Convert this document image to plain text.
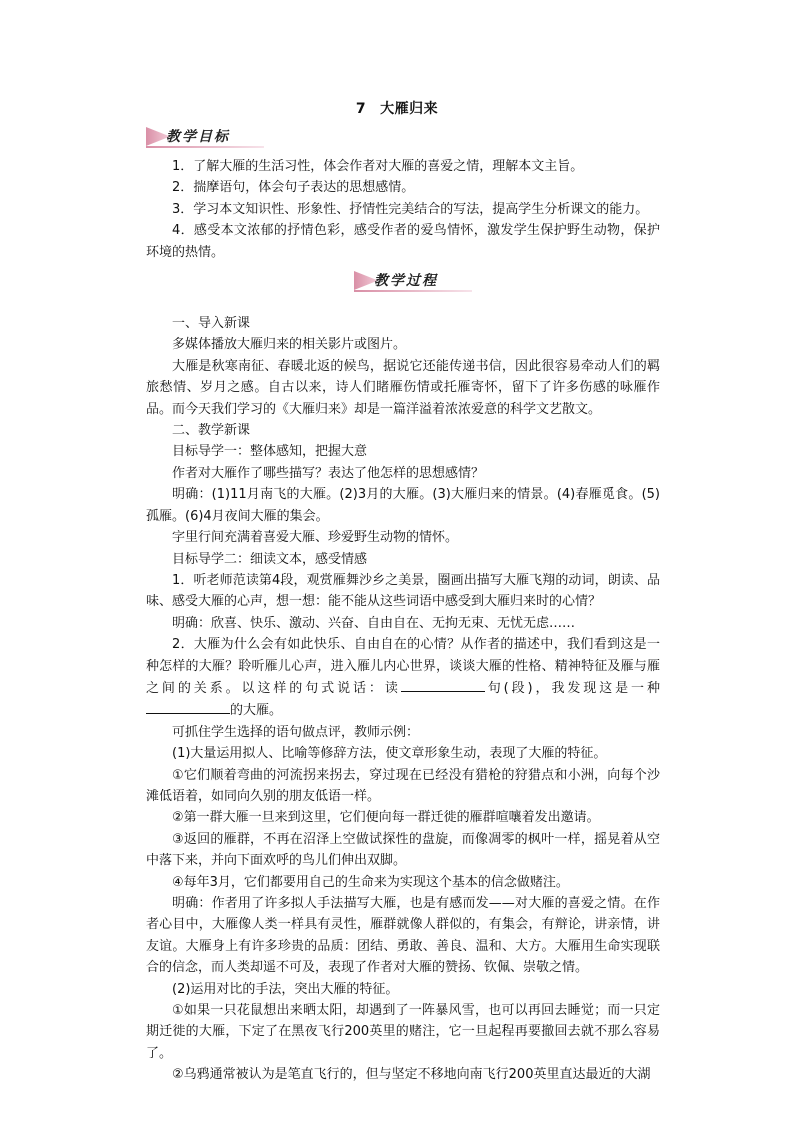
7 大雁归来
教学目标
教学过程

1．了解大雁的生活习性，体会作者对大雁的喜爱之情，理解本文主旨。

2．揣摩语句，体会句子表达的思想感情。

3．学习本文知识性、形象性、抒情性完美结合的写法，提高学生分析课文的能力。

4．感受本文浓郁的抒情色彩，感受作者的爱鸟情怀，激发学生保护野生动物，保护环境的热情。

一、导入新课

多媒体播放大雁归来的相关影片或图片。

大雁是秋寒南征、春暖北返的候鸟，据说它还能传递书信，因此很容易牵动人们的羁旅愁情、岁月之感。自古以来，诗人们睹雁伤情或托雁寄怀，留下了许多伤感的咏雁作品。而今天我们学习的《大雁归来》却是一篇洋溢着浓浓爱意的科学文艺散文。

二、教学新课

目标导学一：整体感知，把握大意

作者对大雁作了哪些描写？表达了他怎样的思想感情？

明确：(1)11月南飞的大雁。(2)3月的大雁。(3)大雁归来的情景。(4)春雁觅食。(5)孤雁。(6)4月夜间大雁的集会。

字里行间充满着喜爱大雁、珍爱野生动物的情怀。

目标导学二：细读文本，感受情感

1．听老师范读第4段，观赏雁舞沙乡之美景，圈画出描写大雁飞翔的动词，朗读、品味、感受大雁的心声，想一想：能不能从这些词语中感受到大雁归来时的心情？

明确：欣喜、快乐、激动、兴奋、自由自在、无拘无束、无忧无虑……

2．大雁为什么会有如此快乐、自由自在的心情？从作者的描述中，我们看到这是一种怎样的大雁？聆听雁儿心声，进入雁儿内心世界，谈谈大雁的性格、精神特征及雁与雁之间的关系。以这样的句式说话：读	句(段)，我发现这是一种的大雁。

可抓住学生选择的语句做点评，教师示例：

(1)大量运用拟人、比喻等修辞方法，使文章形象生动，表现了大雁的特征。

①它们顺着弯曲的河流拐来拐去，穿过现在已经没有猎枪的狩猎点和小洲，向每个沙滩低语着，如同向久别的朋友低语一样。

②第一群大雁一旦来到这里，它们便向每一群迁徙的雁群喧嚷着发出邀请。

③返回的雁群，不再在沼泽上空做试探性的盘旋，而像凋零的枫叶一样，摇晃着从空中落下来，并向下面欢呼的鸟儿们伸出双脚。

④每年3月，它们都要用自己的生命来为实现这个基本的信念做赌注。

明确：作者用了许多拟人手法描写大雁，也是有感而发——对大雁的喜爱之情。在作者心目中，大雁像人类一样具有灵性，雁群就像人群似的，有集会，有辩论，讲亲情，讲友谊。大雁身上有许多珍贵的品质：团结、勇敢、善良、温和、大方。大雁用生命实现联合的信念，而人类却遥不可及，表现了作者对大雁的赞扬、钦佩、崇敬之情。

(2)运用对比的手法，突出大雁的特征。

①如果一只花鼠想出来晒太阳，却遇到了一阵暴风雪，也可以再回去睡觉；而一只定期迁徙的大雁，下定了在黑夜飞行200英里的赌注，它一旦起程再要撤回去就不那么容易了。

②乌鸦通常被认为是笔直飞行的，但与坚定不移地向南飞行200英里直达最近的大湖
